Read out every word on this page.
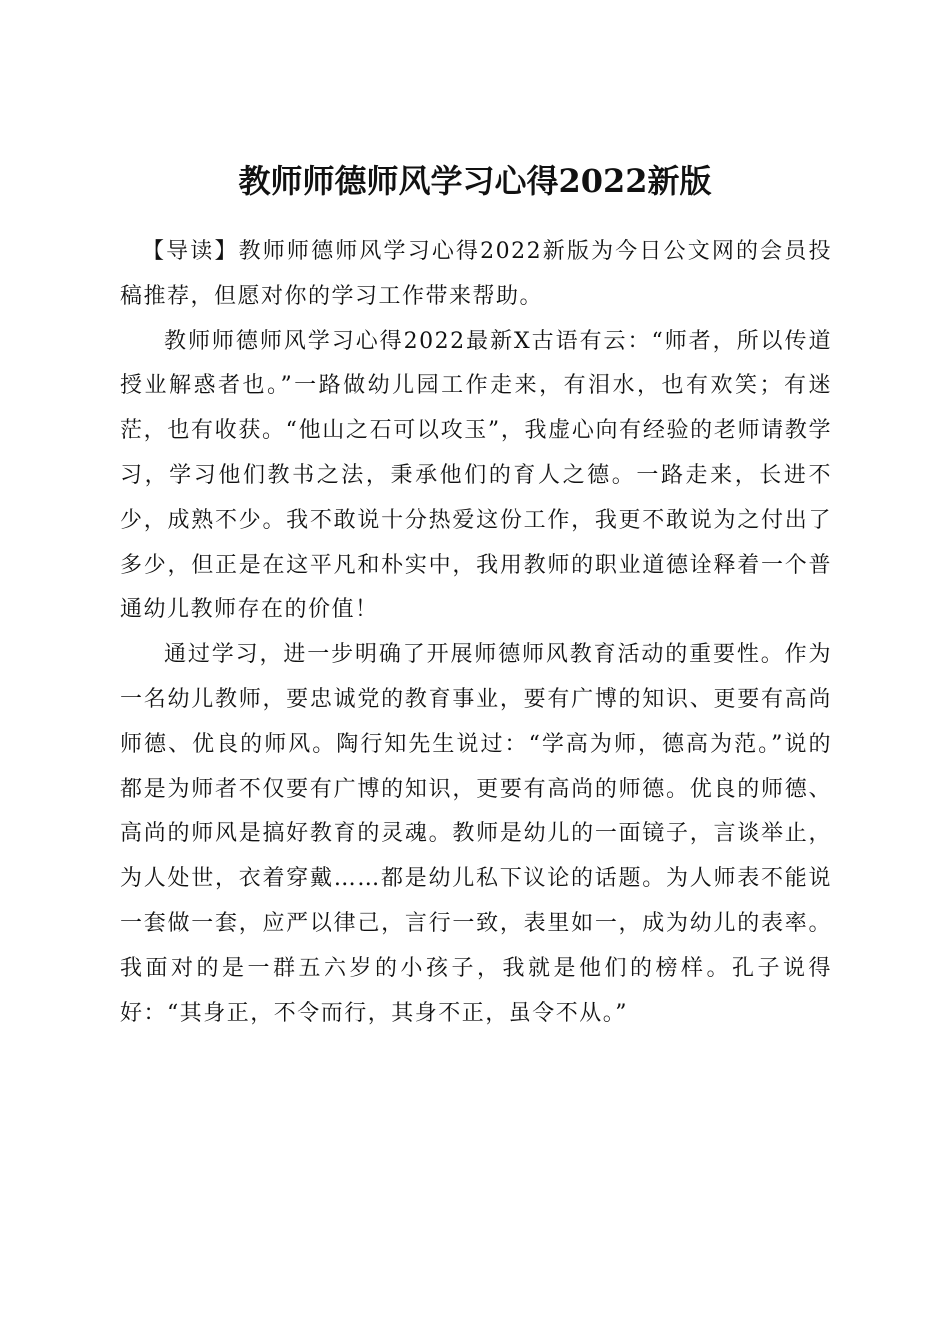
教师师德师风学习心得2022新版

【导读】教师师德师风学习心得2022新版为今日公文网的会员投稿推荐，但愿对你的学习工作带来帮助。

教师师德师风学习心得2022最新X古语有云：“师者，所以传道授业解惑者也。”一路做幼儿园工作走来，有泪水，也有欢笑；有迷茫，也有收获。“他山之石可以攻玉”，我虚心向有经验的老师请教学习，学习他们教书之法，秉承他们的育人之德。一路走来，长进不少，成熟不少。我不敢说十分热爱这份工作，我更不敢说为之付出了多少，但正是在这平凡和朴实中，我用教师的职业道德诠释着一个普通幼儿教师存在的价值！

通过学习，进一步明确了开展师德师风教育活动的重要性。作为一名幼儿教师，要忠诚党的教育事业，要有广博的知识、更要有高尚师德、优良的师风。陶行知先生说过：“学高为师，德高为范。”说的都是为师者不仅要有广博的知识，更要有高尚的师德。优良的师德、高尚的师风是搞好教育的灵魂。教师是幼儿的一面镜子，言谈举止，为人处世，衣着穿戴……都是幼儿私下议论的话题。为人师表不能说一套做一套，应严以律己，言行一致，表里如一，成为幼儿的表率。我面对的是一群五六岁的小孩子，我就是他们的榜样。孔子说得好：“其身正，不令而行，其身不正，虽令不从。”
